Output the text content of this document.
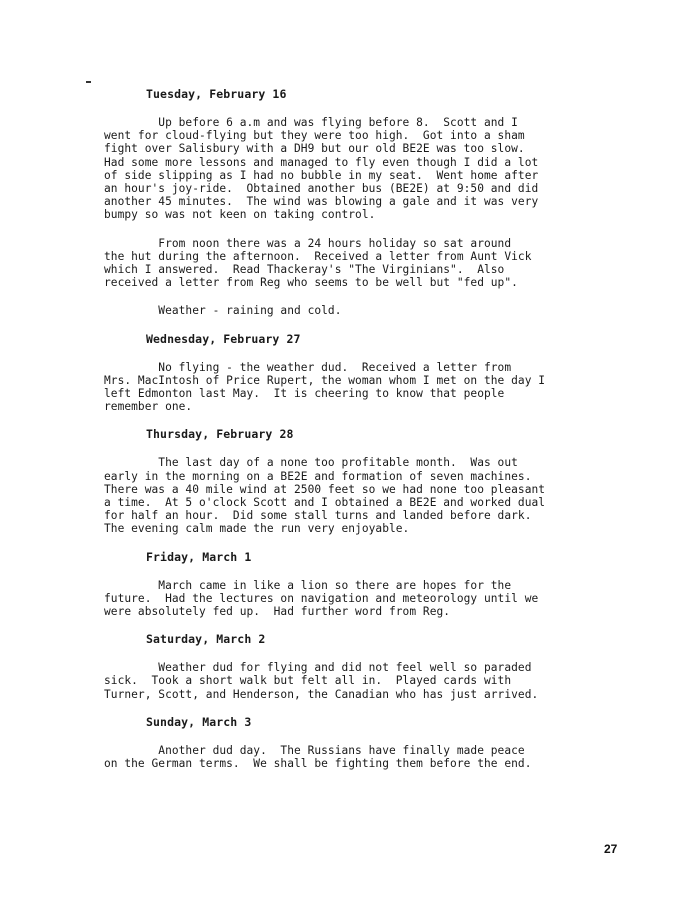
Tuesday, February 16
Up before 6 a.m and was flying before 8.  Scott and I
went for cloud-flying but they were too high.  Got into a sham
fight over Salisbury with a DH9 but our old BE2E was too slow.
Had some more lessons and managed to fly even though I did a lot
of side slipping as I had no bubble in my seat.  Went home after
an hour's joy-ride.  Obtained another bus (BE2E) at 9:50 and did
another 45 minutes.  The wind was blowing a gale and it was very
bumpy so was not keen on taking control.
From noon there was a 24 hours holiday so sat around
the hut during the afternoon.  Received a letter from Aunt Vick
which I answered.  Read Thackeray's "The Virginians".  Also
received a letter from Reg who seems to be well but "fed up".
Weather - raining and cold.
Wednesday, February 27
No flying - the weather dud.  Received a letter from
Mrs. MacIntosh of Price Rupert, the woman whom I met on the day I
left Edmonton last May.  It is cheering to know that people
remember one.
Thursday, February 28
The last day of a none too profitable month.  Was out
early in the morning on a BE2E and formation of seven machines.
There was a 40 mile wind at 2500 feet so we had none too pleasant
a time.  At 5 o'clock Scott and I obtained a BE2E and worked dual
for half an hour.  Did some stall turns and landed before dark.
The evening calm made the run very enjoyable.
Friday, March 1
March came in like a lion so there are hopes for the
future.  Had the lectures on navigation and meteorology until we
were absolutely fed up.  Had further word from Reg.
Saturday, March 2
Weather dud for flying and did not feel well so paraded
sick.  Took a short walk but felt all in.  Played cards with
Turner, Scott, and Henderson, the Canadian who has just arrived.
Sunday, March 3
Another dud day.  The Russians have finally made peace
on the German terms.  We shall be fighting them before the end.
27
